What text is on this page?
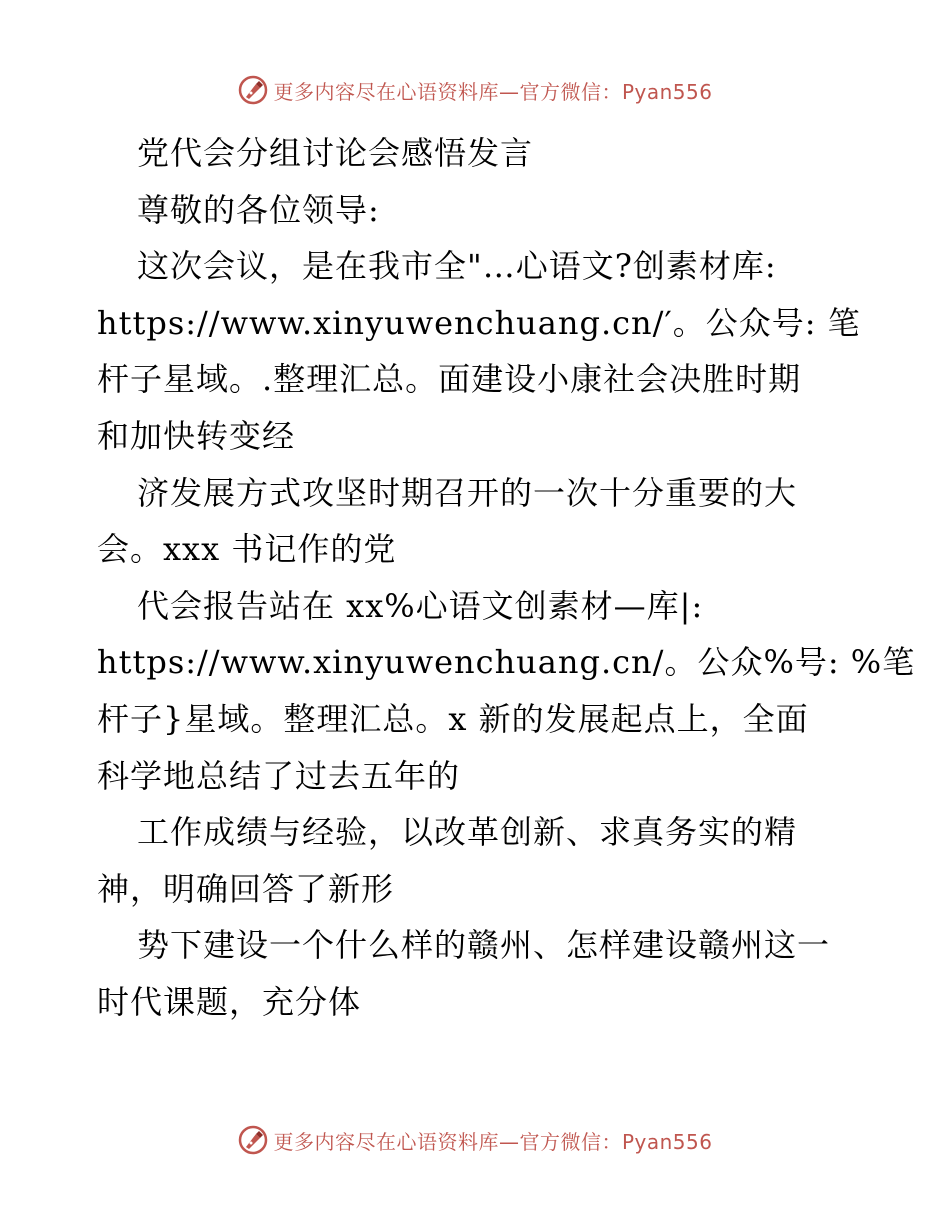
更多内容尽在心语资料库—官方微信：Pyan556
党代会分组讨论会感悟发言
尊敬的各位领导:
这次会议，是在我市全"…心语文?创素材库:
https://www.xinyuwenchuang.cn/′。公众号: 笔
杆子星域。.整理汇总。面建设小康社会决胜时期
和加快转变经
济发展方式攻坚时期召开的一次十分重要的大
会。xxx 书记作的党
代会报告站在 xx%心语文创素材—库|:
https://www.xinyuwenchuang.cn/。公众%号: %笔
杆子}星域。整理汇总。x 新的发展起点上，全面
科学地总结了过去五年的
工作成绩与经验，以改革创新、求真务实的精
神，明确回答了新形
势下建设一个什么样的赣州、怎样建设赣州这一
时代课题，充分体
更多内容尽在心语资料库—官方微信：Pyan556
